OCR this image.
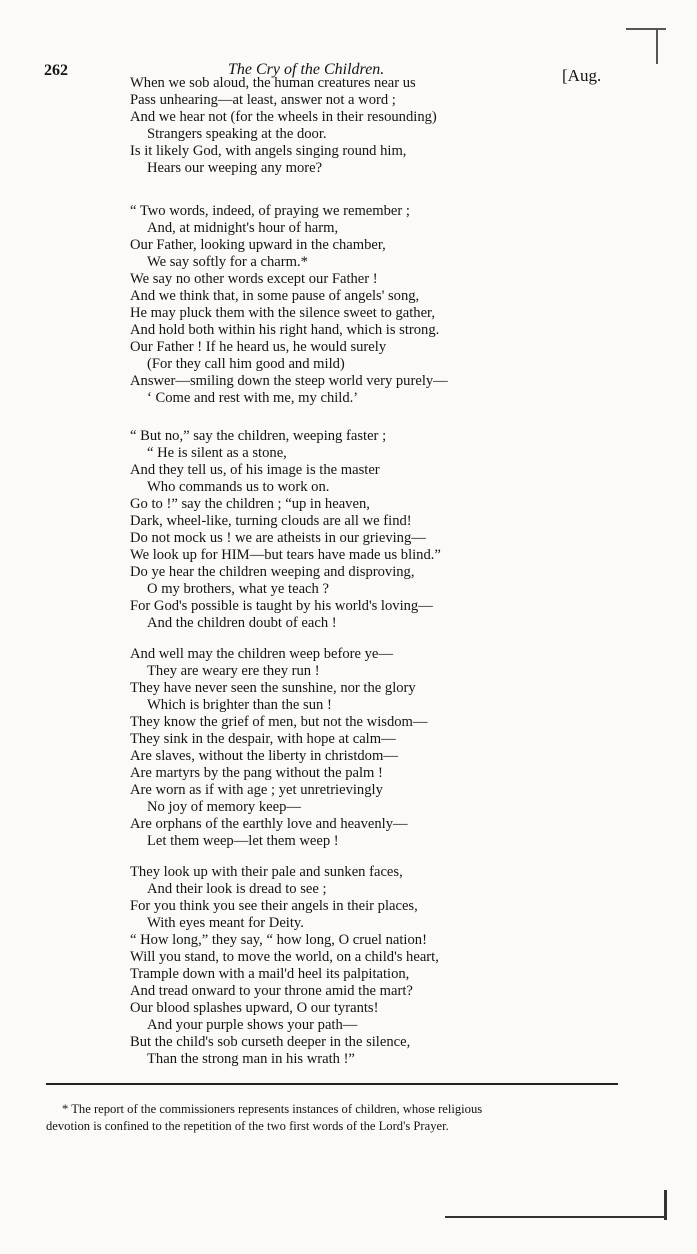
262	The Cry of the Children.	[Aug.
When we sob aloud, the human creatures near us
Pass unhearing—at least, answer not a word ;
And we hear not (for the wheels in their resounding)
Strangers speaking at the door.
Is it likely God, with angels singing round him,
Hears our weeping any more?
“ Two words, indeed, of praying we remember ;
And, at midnight's hour of harm,
Our Father, looking upward in the chamber,
We say softly for a charm.*
We say no other words except our Father !
And we think that, in some pause of angels' song,
He may pluck them with the silence sweet to gather,
And hold both within his right hand, which is strong.
Our Father ! If he heard us, he would surely
(For they call him good and mild)
Answer—smiling down the steep world very purely—
‘ Come and rest with me, my child.’
“ But no,” say the children, weeping faster ;
“ He is silent as a stone,
And they tell us, of his image is the master
Who commands us to work on.
Go to !” say the children ; “up in heaven,
Dark, wheel-like, turning clouds are all we find!
Do not mock us ! we are atheists in our grieving—
We look up for HIM—but tears have made us blind.”
Do ye hear the children weeping and disproving,
O my brothers, what ye teach ?
For God's possible is taught by his world's loving—
And the children doubt of each !
And well may the children weep before ye—
They are weary ere they run !
They have never seen the sunshine, nor the glory
Which is brighter than the sun !
They know the grief of men, but not the wisdom—
They sink in the despair, with hope at calm—
Are slaves, without the liberty in christdom—
Are martyrs by the pang without the palm !
Are worn as if with age ; yet unretrievingly
No joy of memory keep—
Are orphans of the earthly love and heavenly—
Let them weep—let them weep !
They look up with their pale and sunken faces,
And their look is dread to see ;
For you think you see their angels in their places,
With eyes meant for Deity.
“ How long,” they say, “ how long, O cruel nation!
Will you stand, to move the world, on a child's heart,
Trample down with a mail'd heel its palpitation,
And tread onward to your throne amid the mart?
Our blood splashes upward, O our tyrants!
And your purple shows your path—
But the child's sob curseth deeper in the silence,
Than the strong man in his wrath !”
* The report of the commissioners represents instances of children, whose religious
devotion is confined to the repetition of the two first words of the Lord's Prayer.
